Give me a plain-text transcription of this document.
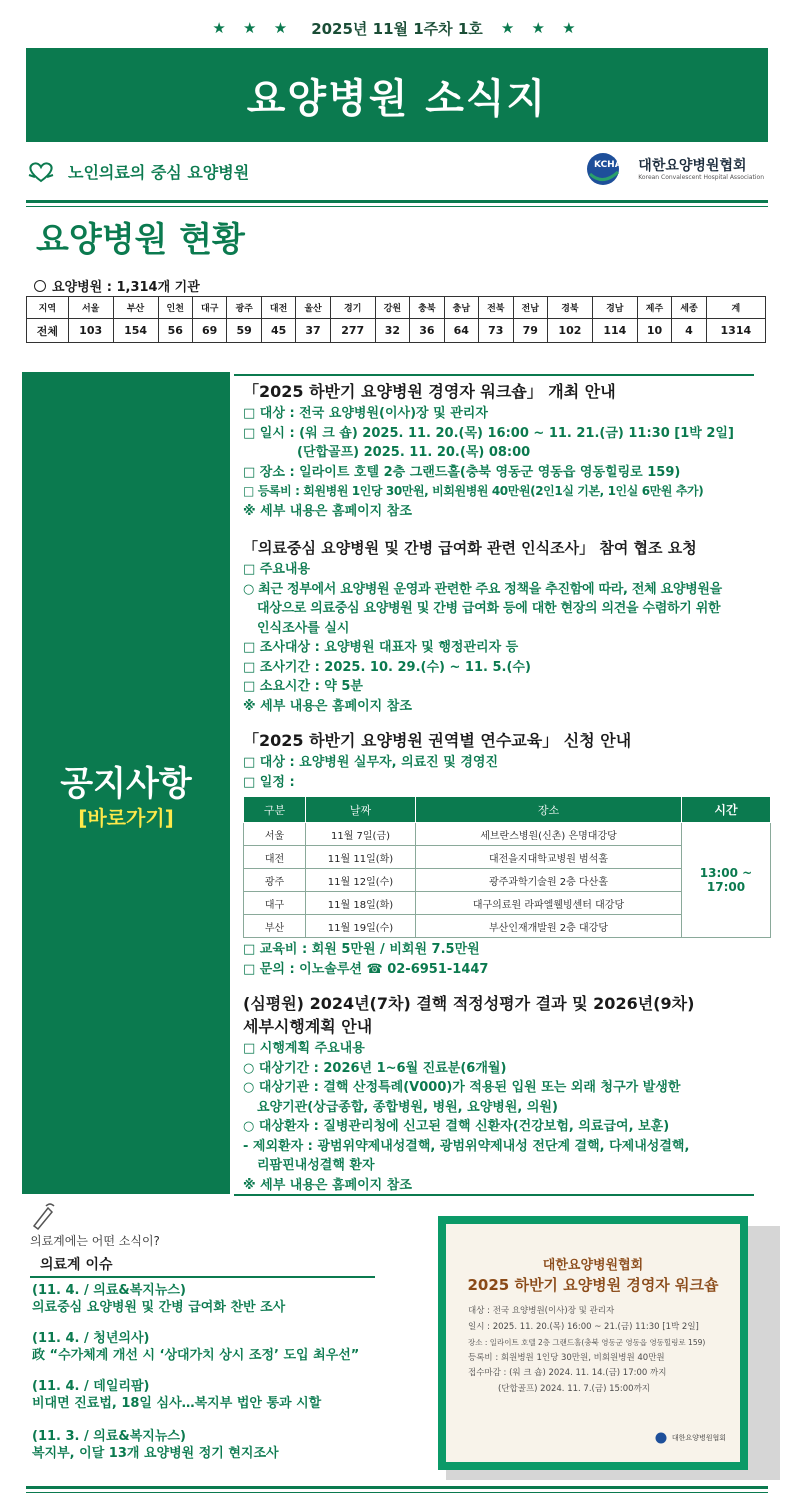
★ ★ ★ 2025년 11월 1주차 1호 ★ ★ ★
요양병원 소식지
노인의료의 중심 요양병원	KCHA 대한요양병원협회
Korean Convalescent Hospital Association
요양병원 현황
요양병원 : 1,314개 기관
지역	서울	부산	인천	대구	광주	대전	울산	경기	강원	충북	충남	전북	전남	경북	경남	제주	세종	계
전체	103	154	56	69	59	45	37	277	32	36	64	73	79	102	114	10	4	1314
공지사항
[바로가기]
「2025 하반기 요양병원 경영자 워크숍」 개최 안내
□ 대상 : 전국 요양병원(이사)장 및 관리자
□ 일시 : (워 크 숍) 2025. 11. 20.(목) 16:00 ~ 11. 21.(금) 11:30 [1박 2일]
(단합골프) 2025. 11. 20.(목) 08:00
□ 장소 : 일라이트 호텔 2층 그랜드홀(충북 영동군 영동읍 영동힐링로 159)
□ 등록비 : 회원병원 1인당 30만원, 비회원병원 40만원(2인1실 기본, 1인실 6만원 추가)
※ 세부 내용은 홈페이지 참조
「의료중심 요양병원 및 간병 급여화 관련 인식조사」 참여 협조 요청
□ 주요내용
○ 최근 정부에서 요양병원 운영과 관련한 주요 정책을 추진함에 따라, 전체 요양병원을
대상으로 의료중심 요양병원 및 간병 급여화 등에 대한 현장의 의견을 수렴하기 위한
인식조사를 실시
□ 조사대상 : 요양병원 대표자 및 행정관리자 등
□ 조사기간 : 2025. 10. 29.(수) ~ 11. 5.(수)
□ 소요시간 : 약 5분
※ 세부 내용은 홈페이지 참조
「2025 하반기 요양병원 권역별 연수교육」 신청 안내
□ 대상 : 요양병원 실무자, 의료진 및 경영진
□ 일정 :
구분	날짜	장소	시간
서울	11월 7일(금)	세브란스병원(신촌) 은명대강당	13:00 ~ 17:00
대전	11월 11일(화)	대전을지대학교병원 범석홀	
광주	11월 12일(수)	광주과학기술원 2층 다산홀	
대구	11월 18일(화)	대구의료원 라파엘웰빙센터 대강당	
부산	11월 19일(수)	부산인재개발원 2층 대강당	
□ 교육비 : 회원 5만원 / 비회원 7.5만원
□ 문의 : 이노솔루션 ☎ 02-6951-1447
(심평원) 2024년(7차) 결핵 적정성평가 결과 및 2026년(9차)
세부시행계획 안내
□ 시행계획 주요내용
○ 대상기간 : 2026년 1~6월 진료분(6개월)
○ 대상기관 : 결핵 산정특례(V000)가 적용된 입원 또는 외래 청구가 발생한
요양기관(상급종합, 종합병원, 병원, 요양병원, 의원)
○ 대상환자 : 질병관리청에 신고된 결핵 신환자(건강보험, 의료급여, 보훈)
- 제외환자 : 광범위약제내성결핵, 광범위약제내성 전단계 결핵, 다제내성결핵,
리팜핀내성결핵 환자
※ 세부 내용은 홈페이지 참조
의료계에는 어떤 소식이?
의료계 이슈
(11. 4. / 의료&복지뉴스)
의료중심 요양병원 및 간병 급여화 찬반 조사
(11. 4. / 청년의사)
政 “수가체계 개선 시 ‘상대가치 상시 조정’ 도입 최우선”
(11. 4. / 데일리팜)
비대면 진료법, 18일 심사…복지부 법안 통과 시할
(11. 3. / 의료&복지뉴스)
복지부, 이달 13개 요양병원 정기 현지조사
대한요양병원협회
2025 하반기 요양병원 경영자 워크숍
대상 : 전국 요양병원(이사)장 및 관리자
일시 : 2025. 11. 20.(목) 16:00 ~ 21.(금) 11:30 [1박 2일]
장소 : 일라이트 호텔 2층 그랜드홀(충북 영동군 영동읍 영동힐링로 159)
등록비 : 회원병원 1인당 30만원, 비회원병원 40만원
접수마감 : (워 크 숍) 2024. 11. 14.(금) 17:00 까지
(단합골프) 2024. 11. 7.(금) 15:00까지
대한요양병원협회
